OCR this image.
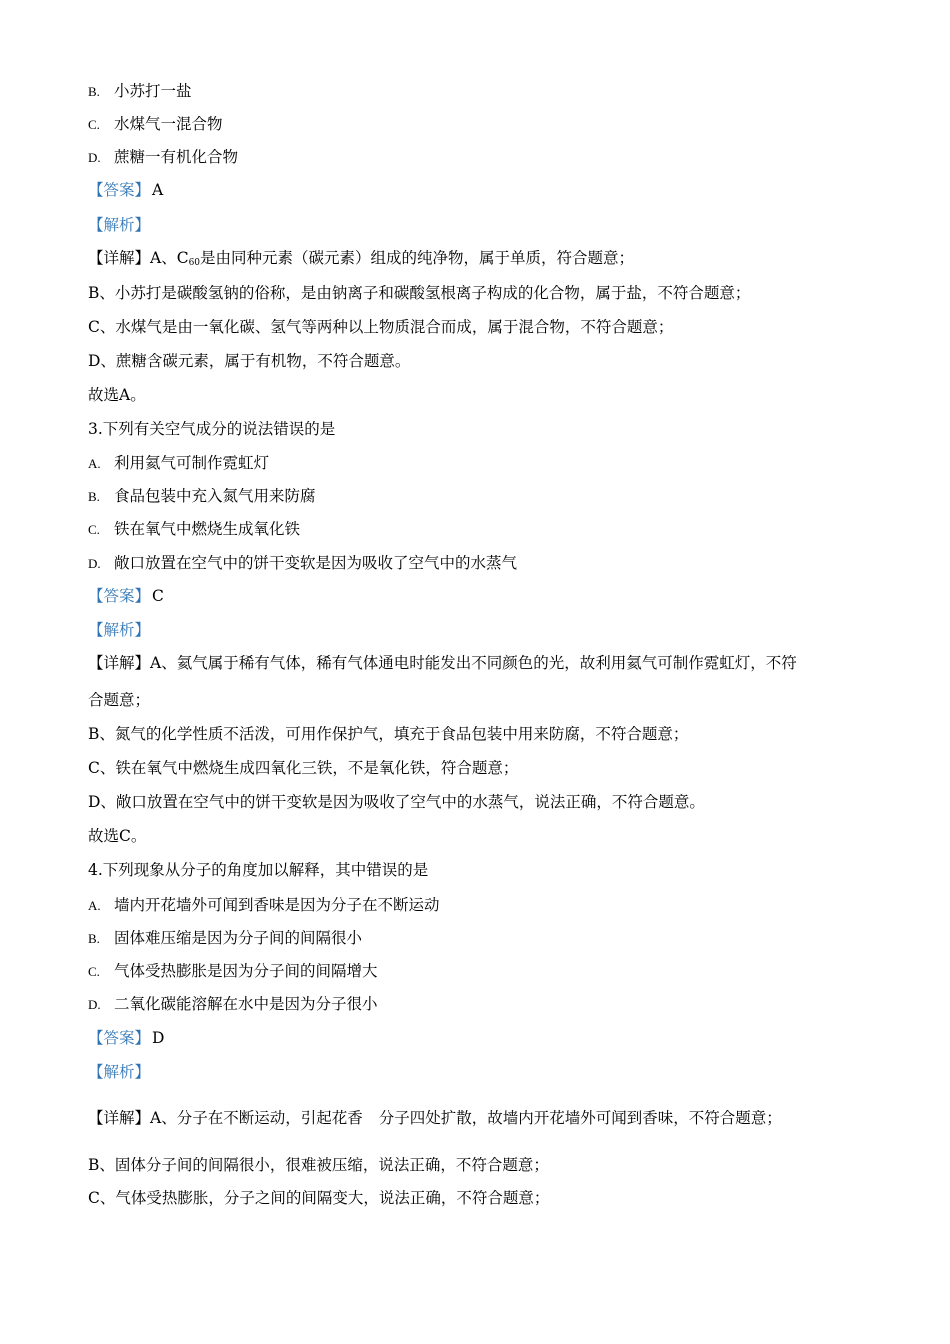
B. 小苏打一盐
C. 水煤气一混合物
D. 蔗糖一有机化合物
【答案】 A
【解析】
【详解】A、$C_{60}$是由同种元素（碳元素）组成的纯净物，属于单质，符合题意；
B、小苏打是碳酸氢钠的俗称，是由钠离子和碳酸氢根离子构成的化合物，属于盐，不符合题意；
C、水煤气是由一氧化碳、氢气等两种以上物质混合而成，属于混合物，不符合题意；
D、蔗糖含碳元素，属于有机物，不符合题意。
故选A。
3.下列有关空气成分的说法错误的是
A. 利用氦气可制作霓虹灯
B. 食品包装中充入氮气用来防腐
C. 铁在氧气中燃烧生成氧化铁
D. 敞口放置在空气中的饼干变软是因为吸收了空气中的水蒸气
【答案】 C
【解析】
【详解】A、氦气属于稀有气体，稀有气体通电时能发出不同颜色的光，故利用氦气可制作霓虹灯，不符
合题意；
B、氮气的化学性质不活泼，可用作保护气，填充于食品包装中用来防腐，不符合题意；
C、铁在氧气中燃烧生成四氧化三铁，不是氧化铁，符合题意；
D、敞口放置在空气中的饼干变软是因为吸收了空气中的水蒸气，说法正确，不符合题意。
故选C。
4.下列现象从分子的角度加以解释，其中错误的是
A. 墙内开花墙外可闻到香味是因为分子在不断运动
B. 固体难压缩是因为分子间的间隔很小
C. 气体受热膨胀是因为分子间的间隔增大
D. 二氧化碳能溶解在水中是因为分子很小
【答案】 D
【解析】
【详解】A、分子在不断运动，引起花香 分子四处扩散，故墙内开花墙外可闻到香味，不符合题意；
B、固体分子间的间隔很小，很难被压缩，说法正确，不符合题意；
C、气体受热膨胀，分子之间的间隔变大，说法正确，不符合题意；
